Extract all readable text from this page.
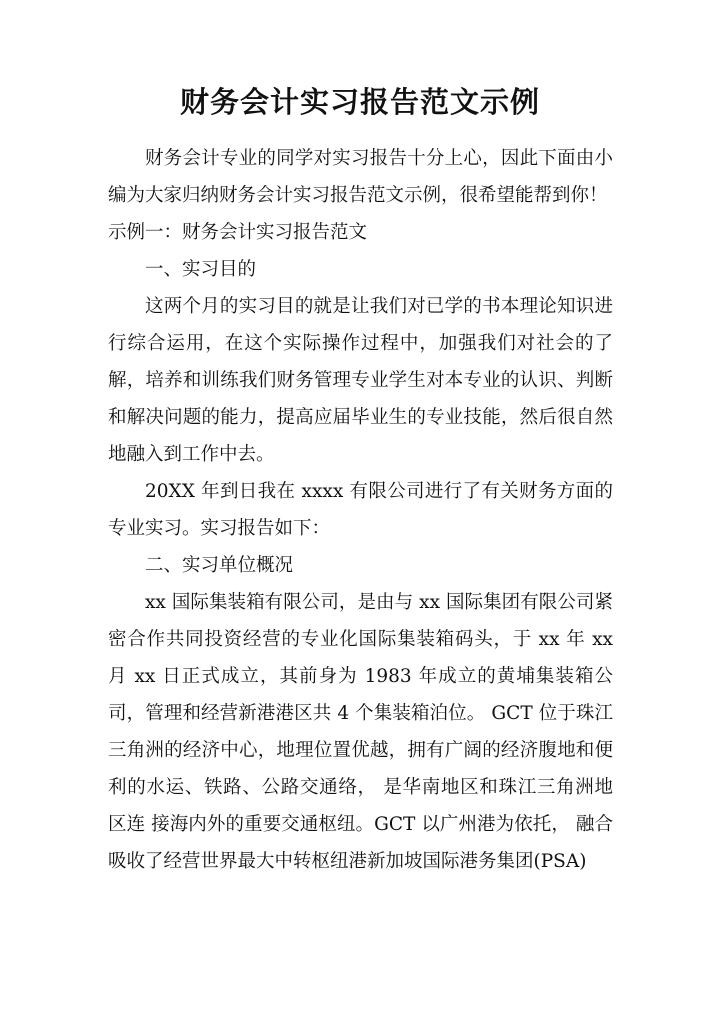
财务会计实习报告范文示例

财务会计专业的同学对实习报告十分上心，因此下面由小编为大家归纳财务会计实习报告范文示例，很希望能帮到你！

示例一：财务会计实习报告范文

一、实习目的

这两个月的实习目的就是让我们对已学的书本理论知识进行综合运用，在这个实际操作过程中，加强我们对社会的了解，培养和训练我们财务管理专业学生对本专业的认识、判断和解决问题的能力，提高应届毕业生的专业技能，然后很自然地融入到工作中去。

20XX 年到日我在 xxxx 有限公司进行了有关财务方面的专业实习。实习报告如下：

二、实习单位概况

xx 国际集装箱有限公司，是由与 xx 国际集团有限公司紧密合作共同投资经营的专业化国际集装箱码头，于 xx 年 xx 月 xx 日正式成立，其前身为 1983 年成立的黄埔集装箱公司，管理和经营新港港区共 4 个集装箱泊位。 GCT 位于珠江三角洲的经济中心，地理位置优越，拥有广阔的经济腹地和便利的水运、铁路、公路交通络， 是华南地区和珠江三角洲地区连 接海内外的重要交通枢纽。GCT 以广州港为依托， 融合吸收了经营世界最大中转枢纽港新加坡国际港务集团(PSA)
